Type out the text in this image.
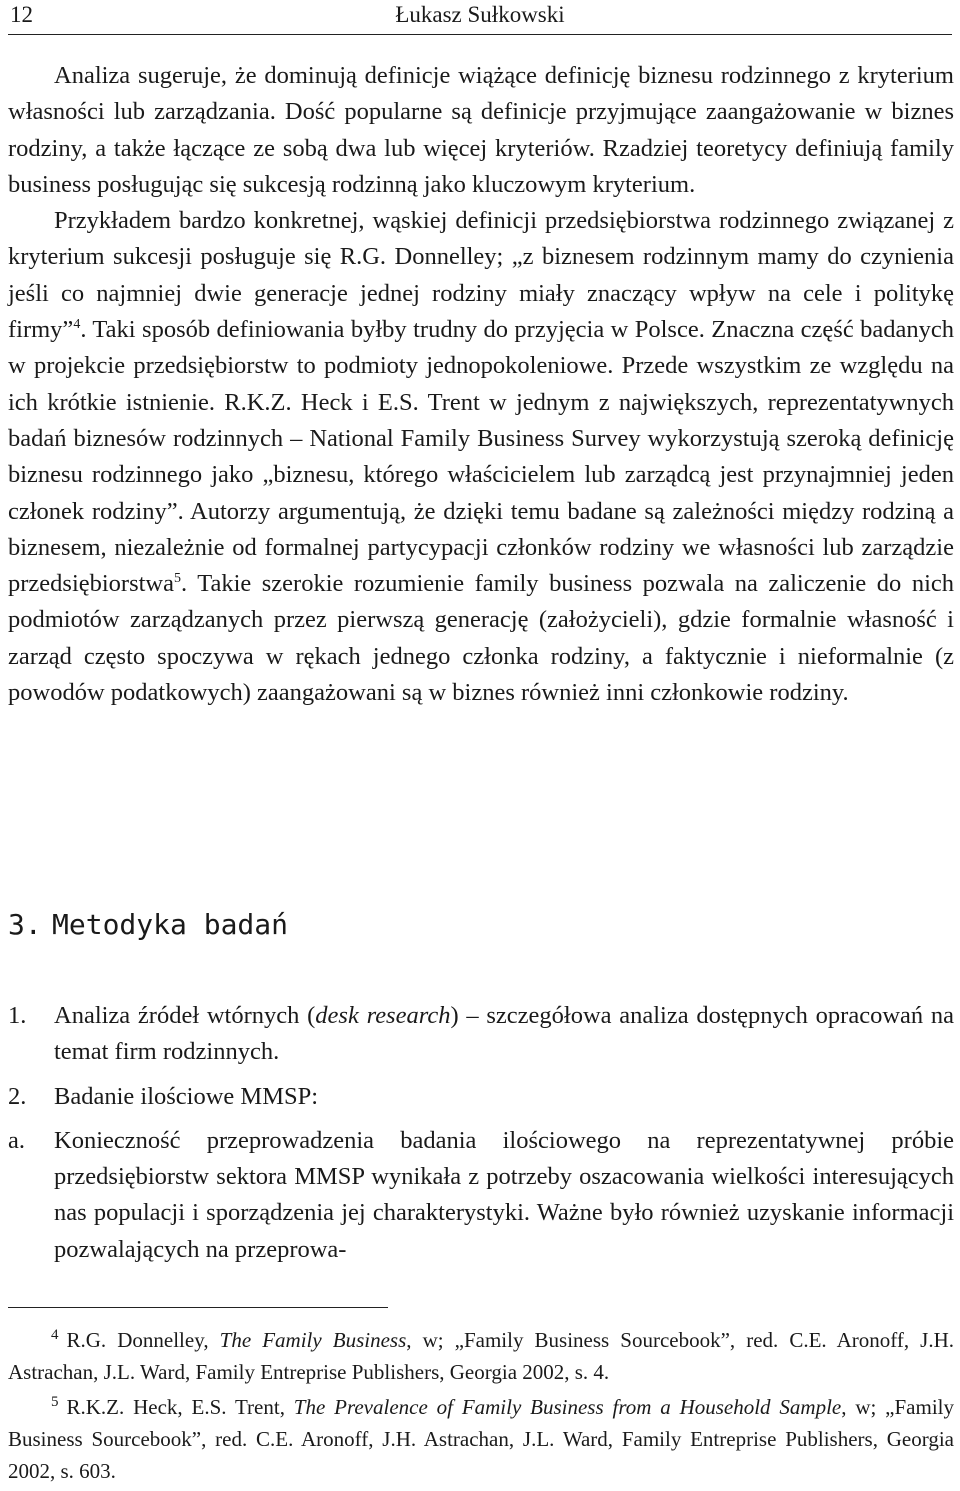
12	Łukasz Sułkowski

Analiza sugeruje, że dominują definicje wiążące definicję biznesu rodzinnego z kryterium własności lub zarządzania. Dość popularne są definicje przyjmujące zaangażowanie w biznes rodziny, a także łączące ze sobą dwa lub więcej kryteriów. Rzadziej teoretycy definiują family business posługując się sukcesją rodzinną jako kluczowym kryterium.

Przykładem bardzo konkretnej, wąskiej definicji przedsiębiorstwa rodzinnego związanej z kryterium sukcesji posługuje się R.G. Donnelley; „z biznesem rodzinnym mamy do czynienia jeśli co najmniej dwie generacje jednej rodziny miały znaczący wpływ na cele i politykę firmy”$^4$. Taki sposób definiowania byłby trudny do przyjęcia w Polsce. Znaczna część badanych w projekcie przedsiębiorstw to podmioty jednopokoleniowe. Przede wszystkim ze względu na ich krótkie istnienie. R.K.Z. Heck i E.S. Trent w jednym z największych, reprezentatywnych badań biznesów rodzinnych – National Family Business Survey wykorzystują szeroką definicję biznesu rodzinnego jako „biznesu, którego właścicielem lub zarządcą jest przynajmniej jeden członek rodziny”. Autorzy argumentują, że dzięki temu badane są zależności między rodziną a biznesem, niezależnie od formalnej partycypacji członków rodziny we własności lub zarządzie przedsiębiorstwa$^5$. Takie szerokie rozumienie family business pozwala na zaliczenie do nich podmiotów zarządzanych przez pierwszą generację (założycieli), gdzie formalnie własność i zarząd często spoczywa w rękach jednego członka rodziny, a faktycznie i nieformalnie (z powodów podatkowych) zaangażowani są w biznes również inni członkowie rodziny.

3. Metodyka badań
1. Analiza źródeł wtórnych (desk research) – szczegółowa analiza dostępnych opracowań na temat firm rodzinnych.
2. Badanie ilościowe MMSP:
a. Konieczność przeprowadzenia badania ilościowego na reprezentatywnej próbie przedsiębiorstw sektora MMSP wynikała z potrzeby oszacowania wielkości interesujących nas populacji i sporządzenia jej charakterystyki. Ważne było również uzyskanie informacji pozwalających na przeprowa-
4 R.G. Donnelley, The Family Business, w; „Family Business Sourcebook”, red. C.E. Aronoff, J.H. Astrachan, J.L. Ward, Family Entreprise Publishers, Georgia 2002, s. 4.
5 R.K.Z. Heck, E.S. Trent, The Prevalence of Family Business from a Household Sample, w; „Family Business Sourcebook”, red. C.E. Aronoff, J.H. Astrachan, J.L. Ward, Family Entreprise Publishers, Georgia 2002, s. 603.
